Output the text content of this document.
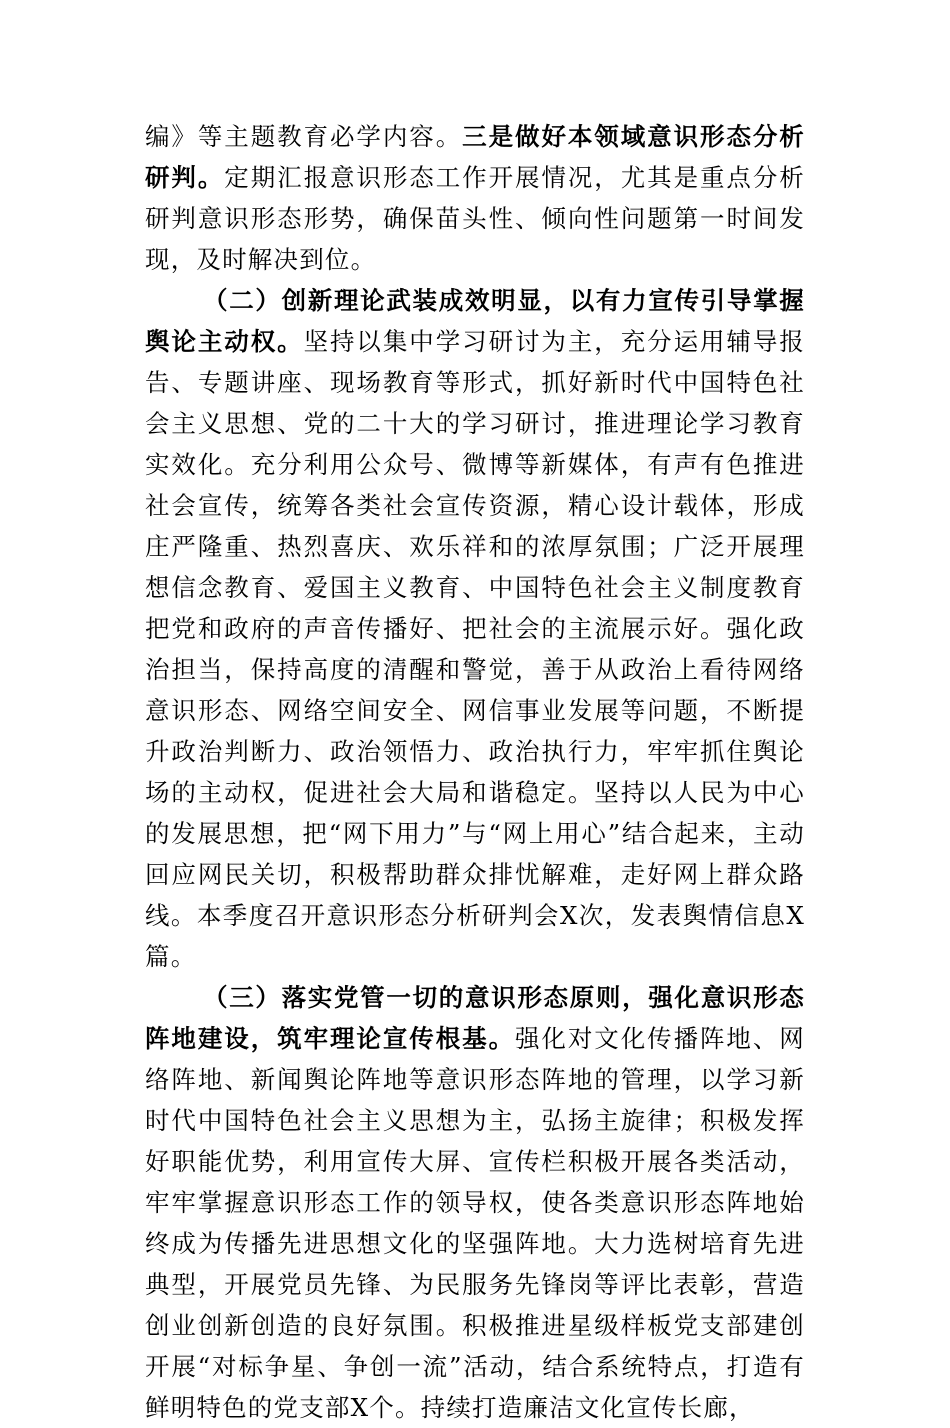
编》等主题教育必学内容。三是做好本领域意识形态分析研判。定期汇报意识形态工作开展情况，尤其是重点分析研判意识形态形势，确保苗头性、倾向性问题第一时间发现，及时解决到位。

（二）创新理论武装成效明显，以有力宣传引导掌握舆论主动权。坚持以集中学习研讨为主，充分运用辅导报告、专题讲座、现场教育等形式，抓好新时代中国特色社会主义思想、党的二十大的学习研讨，推进理论学习教育实效化。充分利用公众号、微博等新媒体，有声有色推进社会宣传，统筹各类社会宣传资源，精心设计载体，形成庄严隆重、热烈喜庆、欢乐祥和的浓厚氛围；广泛开展理想信念教育、爱国主义教育、中国特色社会主义制度教育把党和政府的声音传播好、把社会的主流展示好。强化政治担当，保持高度的清醒和警觉，善于从政治上看待网络意识形态、网络空间安全、网信事业发展等问题，不断提升政治判断力、政治领悟力、政治执行力，牢牢抓住舆论场的主动权，促进社会大局和谐稳定。坚持以人民为中心的发展思想，把“网下用力”与“网上用心”结合起来，主动回应网民关切，积极帮助群众排忧解难，走好网上群众路线。本季度召开意识形态分析研判会X次，发表舆情信息X篇。

（三）落实党管一切的意识形态原则，强化意识形态阵地建设，筑牢理论宣传根基。强化对文化传播阵地、网络阵地、新闻舆论阵地等意识形态阵地的管理，以学习新时代中国特色社会主义思想为主，弘扬主旋律；积极发挥好职能优势，利用宣传大屏、宣传栏积极开展各类活动，牢牢掌握意识形态工作的领导权，使各类意识形态阵地始终成为传播先进思想文化的坚强阵地。大力选树培育先进典型，开展党员先锋、为民服务先锋岗等评比表彰，营造创业创新创造的良好氛围。积极推进星级样板党支部建创开展“对标争星、争创一流”活动，结合系统特点，打造有鲜明特色的党支部X个。持续打造廉洁文化宣传长廊，
